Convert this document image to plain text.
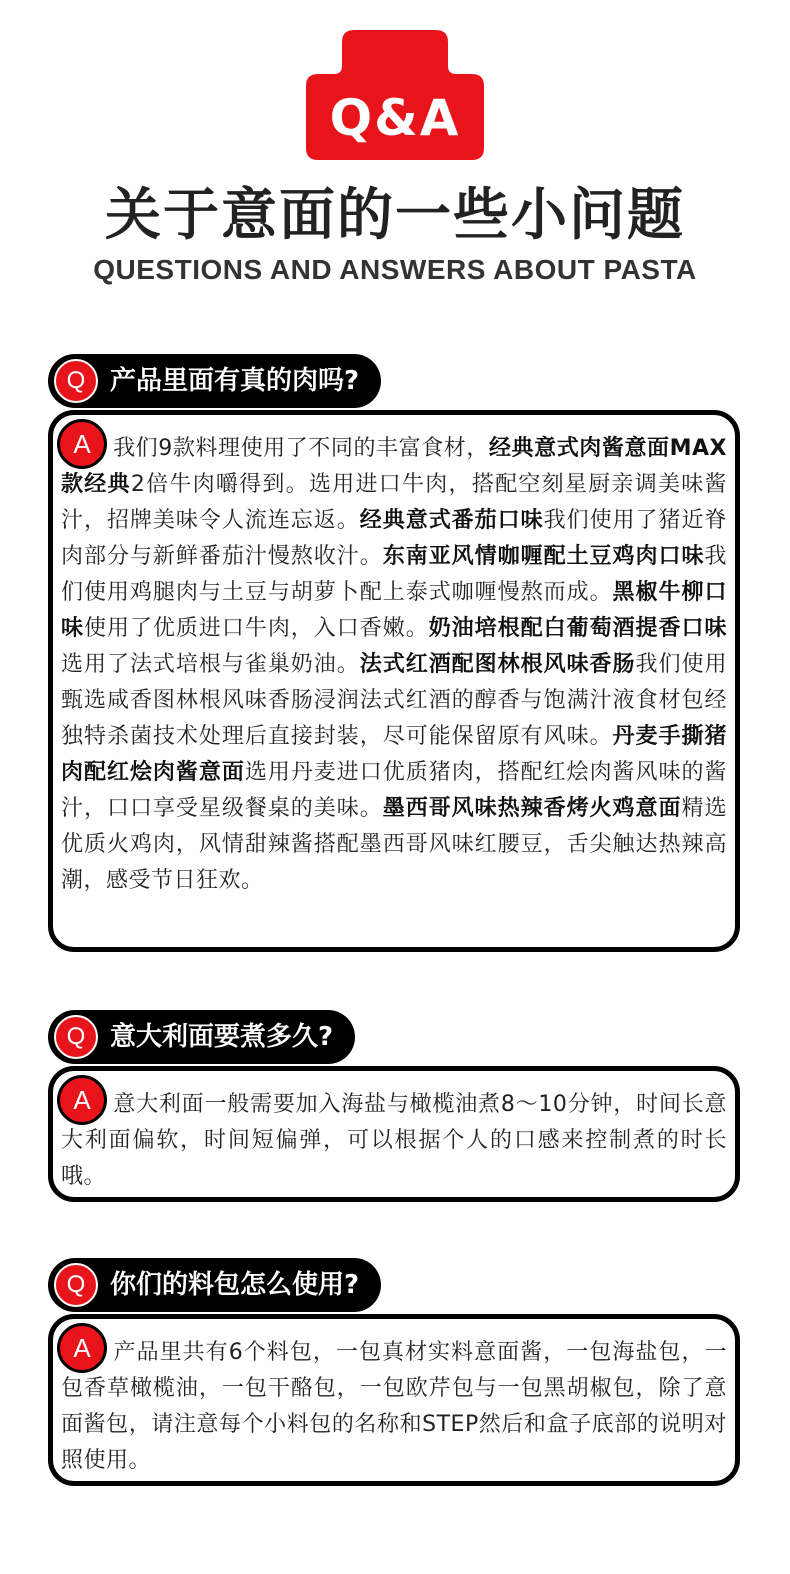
Q&A
关于意面的一些小问题
QUESTIONS AND ANSWERS ABOUT PASTA
Q 产品里面有真的肉吗?
A	我们9款料理使用了不同的丰富食材，经典意式肉酱意面MAX款经典2倍牛肉嚼得到。选用进口牛肉，搭配空刻星厨亲调美味酱汁，招牌美味令人流连忘返。经典意式番茄口味我们使用了猪近脊肉部分与新鲜番茄汁慢熬收汁。东南亚风情咖喱配土豆鸡肉口味我们使用鸡腿肉与土豆与胡萝卜配上泰式咖喱慢熬而成。黑椒牛柳口味使用了优质进口牛肉，入口香嫩。奶油培根配白葡萄酒提香口味选用了法式培根与雀巢奶油。法式红酒配图林根风味香肠我们使用甄选咸香图林根风味香肠浸润法式红酒的醇香与饱满汁液食材包经独特杀菌技术处理后直接封装，尽可能保留原有风味。丹麦手撕猪肉配红烩肉酱意面选用丹麦进口优质猪肉，搭配红烩肉酱风味的酱汁，口口享受星级餐桌的美味。墨西哥风味热辣香烤火鸡意面精选优质火鸡肉，风情甜辣酱搭配墨西哥风味红腰豆，舌尖触达热辣高潮，感受节日狂欢。

Q 意大利面要煮多久?
A	意大利面一般需要加入海盐与橄榄油煮8～10分钟，时间长意大利面偏软，时间短偏弹，可以根据个人的口感来控制煮的时长哦。

Q 你们的料包怎么使用?
A	产品里共有6个料包，一包真材实料意面酱，一包海盐包，一包香草橄榄油，一包干酪包，一包欧芹包与一包黑胡椒包，除了意面酱包，请注意每个小料包的名称和STEP然后和盒子底部的说明对照使用。
